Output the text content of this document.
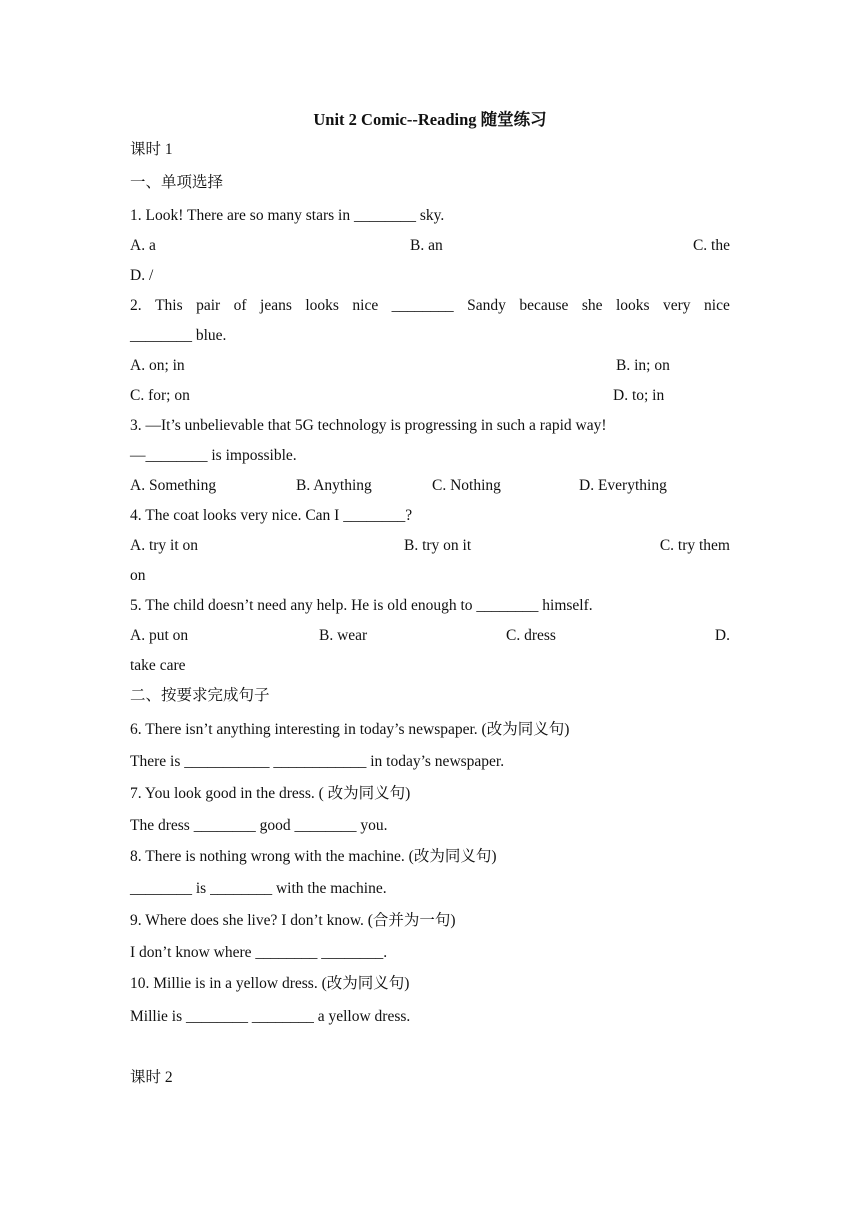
Unit 2 Comic--Reading 随堂练习
课时 1
一、单项选择
1. Look! There are so many stars in ________ sky.
A. a	B. an	C. the
D. /
2. This pair of jeans looks nice ________ Sandy because she looks very nice
________ blue.
A. on; in	B. in; on
C. for; on	D. to; in
3. —It’s unbelievable that 5G technology is progressing in such a rapid way!
—________ is impossible.
A. Something	B. Anything	C. Nothing	D. Everything
4. The coat looks very nice. Can I ________?
A. try it on	B. try on it	C. try them
on
5. The child doesn’t need any help. He is old enough to ________ himself.
A. put on	B. wear	C. dress	D.
take care
二、按要求完成句子
6. There isn’t anything interesting in today’s newspaper. (改为同义句)
There is ___________ ____________ in today’s newspaper.
7. You look good in the dress. ( 改为同义句)
The dress ________ good ________ you.
8. There is nothing wrong with the machine. (改为同义句)
________ is ________ with the machine.
9. Where does she live? I don’t know. (合并为一句)
I don’t know where ________ ________.
10. Millie is in a yellow dress. (改为同义句)
Millie is ________ ________ a yellow dress.
课时 2
